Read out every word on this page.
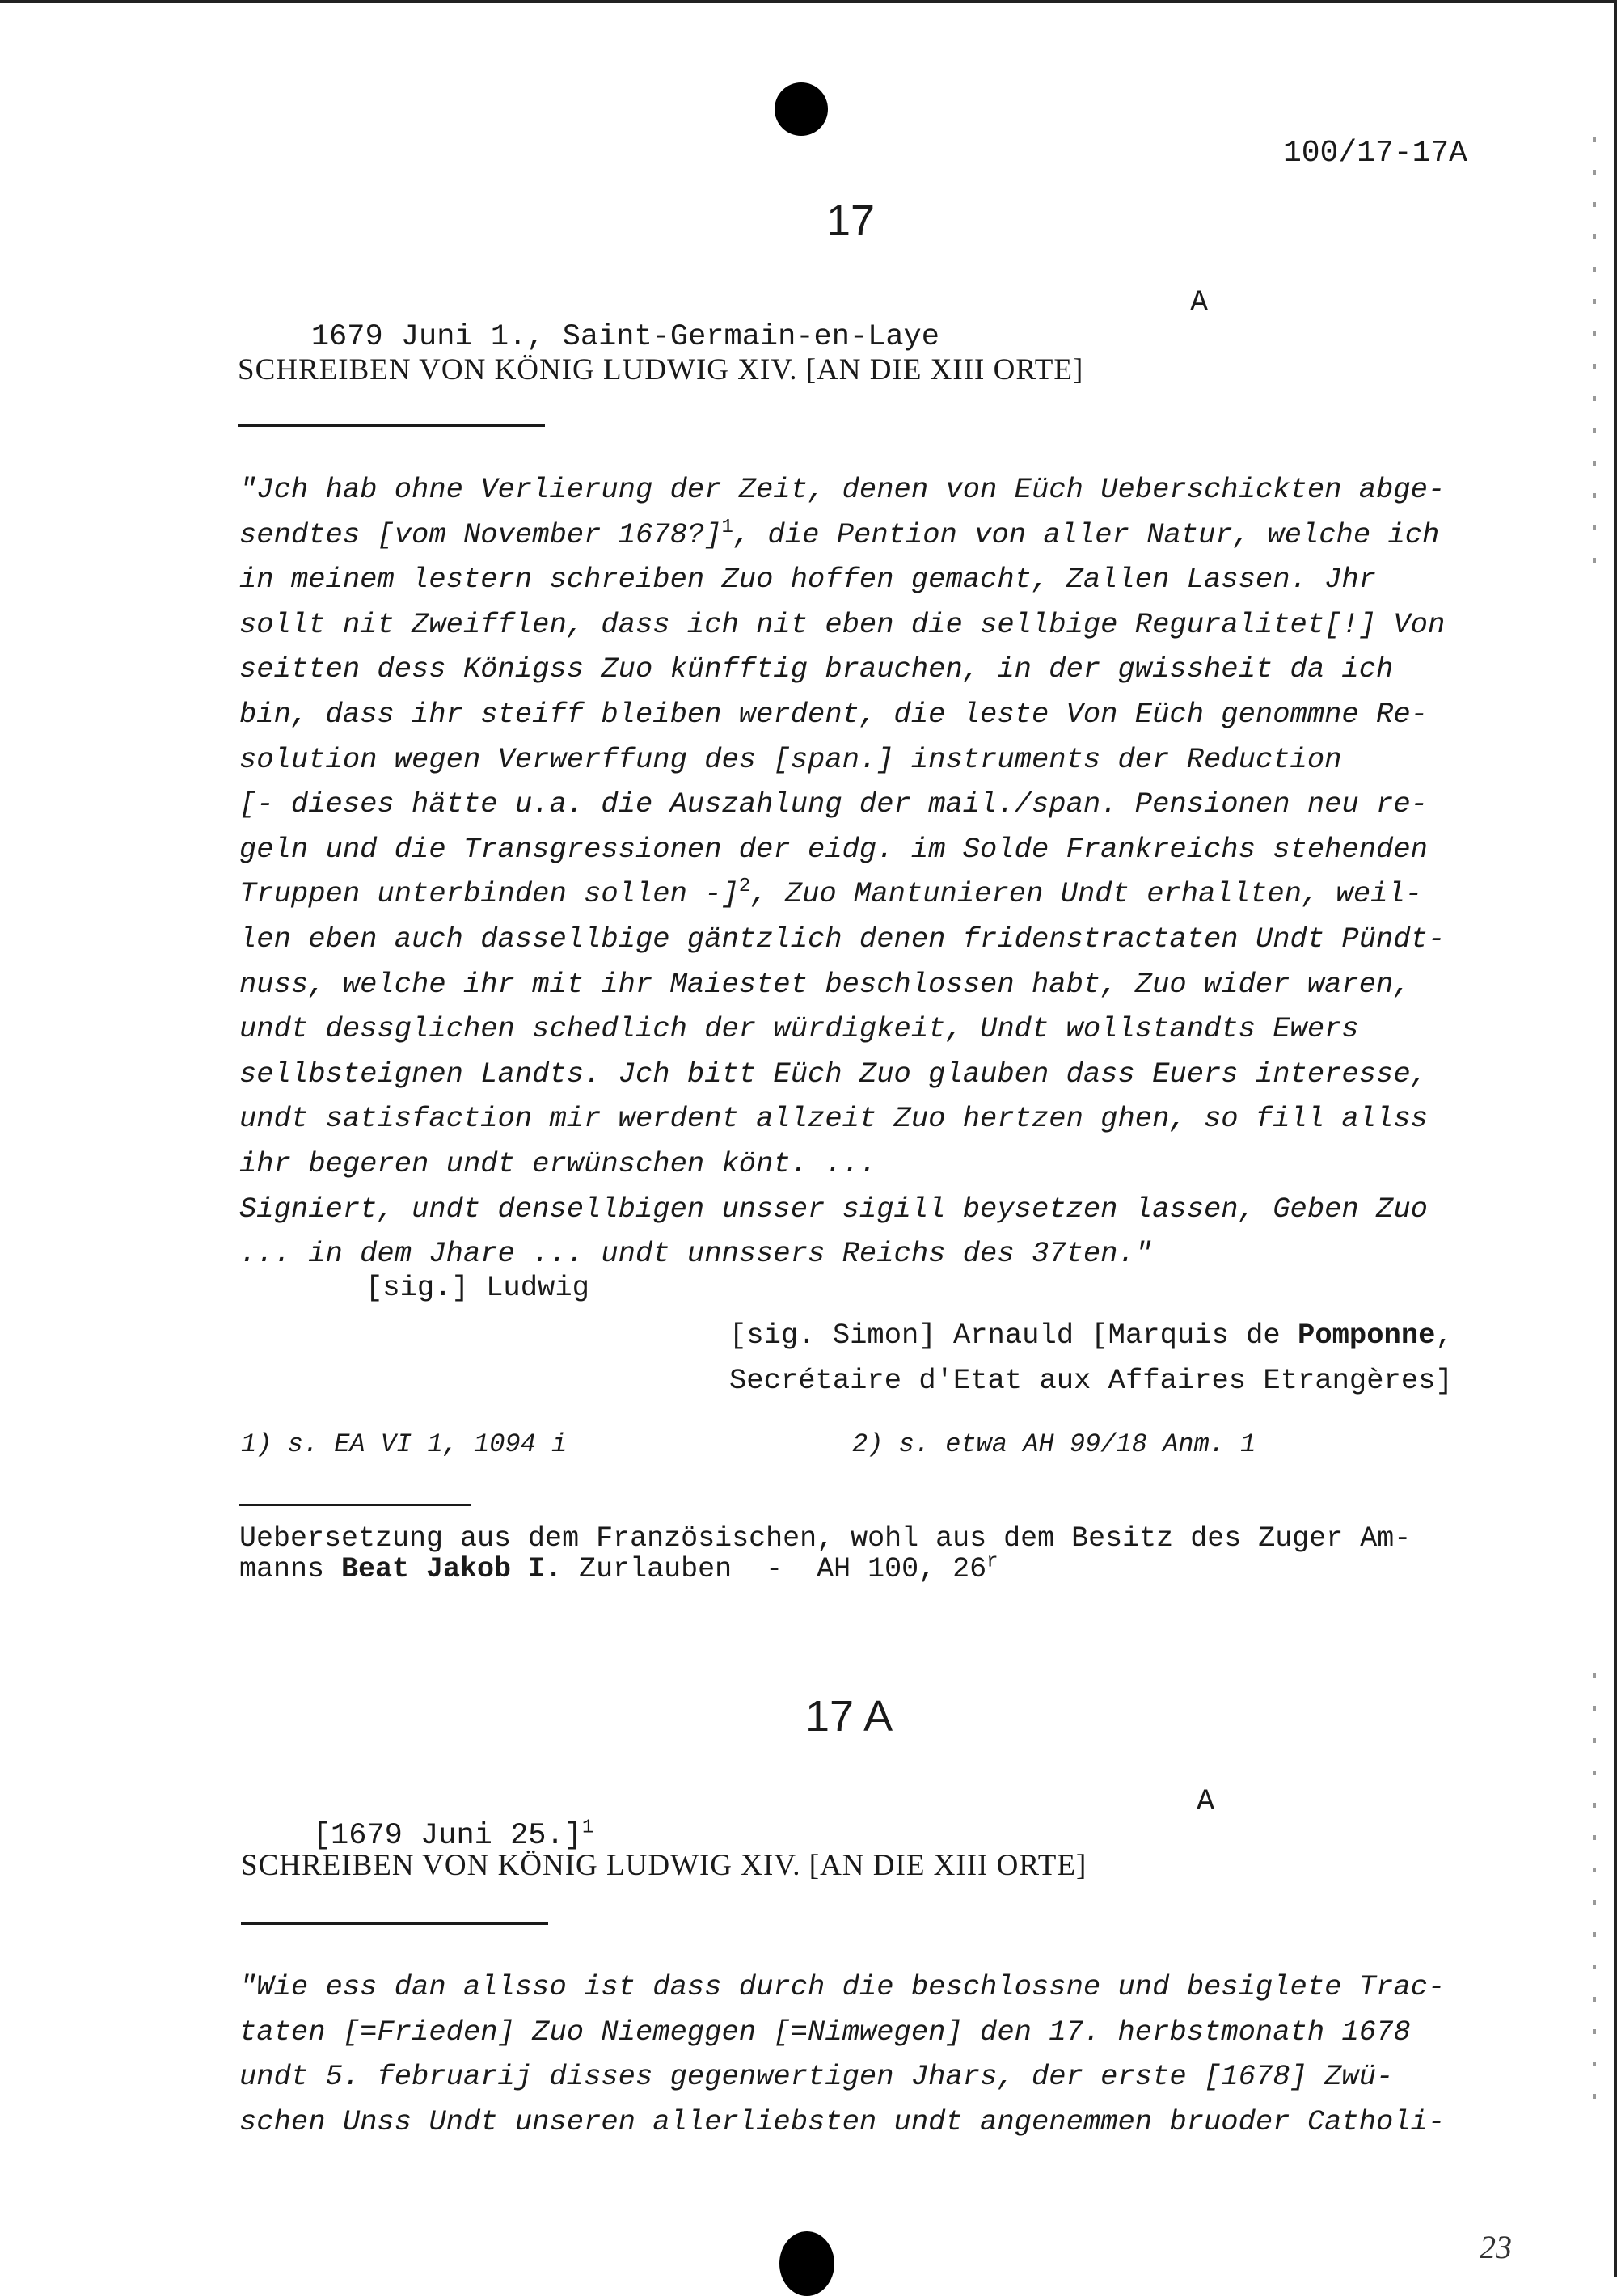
100/17-17A
17

1679 Juni 1., Saint-Germain-en-Laye

A

SCHREIBEN VON KÖNIG LUDWIG XIV. [AN DIE XIII ORTE]
"Jch hab ohne Verlierung der Zeit, denen von Eüch Ueberschickten abge-
sendtes [vom November 1678?]$^1$, die Pention von aller Natur, welche ich
in meinem lestern schreiben Zuo hoffen gemacht, Zallen Lassen. Jhr
sollt nit Zweifflen, dass ich nit eben die sellbige Reguralitet[!] Von
seitten dess Königss Zuo künfftig brauchen, in der gwissheit da ich
bin, dass ihr steiff bleiben werdent, die leste Von Eüch genommne Re-
solution wegen Verwerffung des [span.] instruments der Reduction
[- dieses hätte u.a. die Auszahlung der mail./span. Pensionen neu re-
geln und die Transgressionen der eidg. im Solde Frankreichs stehenden
Truppen unterbinden sollen -]$^2$, Zuo Mantunieren Undt erhallten, weil-
len eben auch dassellbige gäntzlich denen fridenstractaten Undt Pündt-
nuss, welche ihr mit ihr Maiestet beschlossen habt, Zuo wider waren,
undt dessglichen schedlich der würdigkeit, Undt wollstandts Ewers
sellbsteignen Landts. Jch bitt Eüch Zuo glauben dass Euers interesse,
undt satisfaction mir werdent allzeit Zuo hertzen ghen, so fill allss
ihr begeren undt erwünschen könt. ...
Signiert, undt densellbigen unsser sigill beysetzen lassen, Geben Zuo
... in dem Jhare ... undt unnssers Reichs des 37ten."
[sig.] Ludwig
[sig. Simon] Arnauld [Marquis de Pomponne,
Secrétaire d'Etat aux Affaires Etrangères]
1) s. EA VI 1, 1094 i	2) s. etwa AH 99/18 Anm. 1
Uebersetzung aus dem Französischen, wohl aus dem Besitz des Zuger Am-
manns Beat Jakob I. Zurlauben  -  AH 100, 26$^r$
17 A

[1679 Juni 25.]$^1$

A

SCHREIBEN VON KÖNIG LUDWIG XIV. [AN DIE XIII ORTE]
"Wie ess dan allsso ist dass durch die beschlossne und besiglete Trac-
taten [=Frieden] Zuo Niemeggen [=Nimwegen] den 17. herbstmonath 1678
undt 5. februarij disses gegenwertigen Jhars, der erste [1678] Zwü-
schen Unss Undt unseren allerliebsten undt angenemmen bruoder Catholi-
23
